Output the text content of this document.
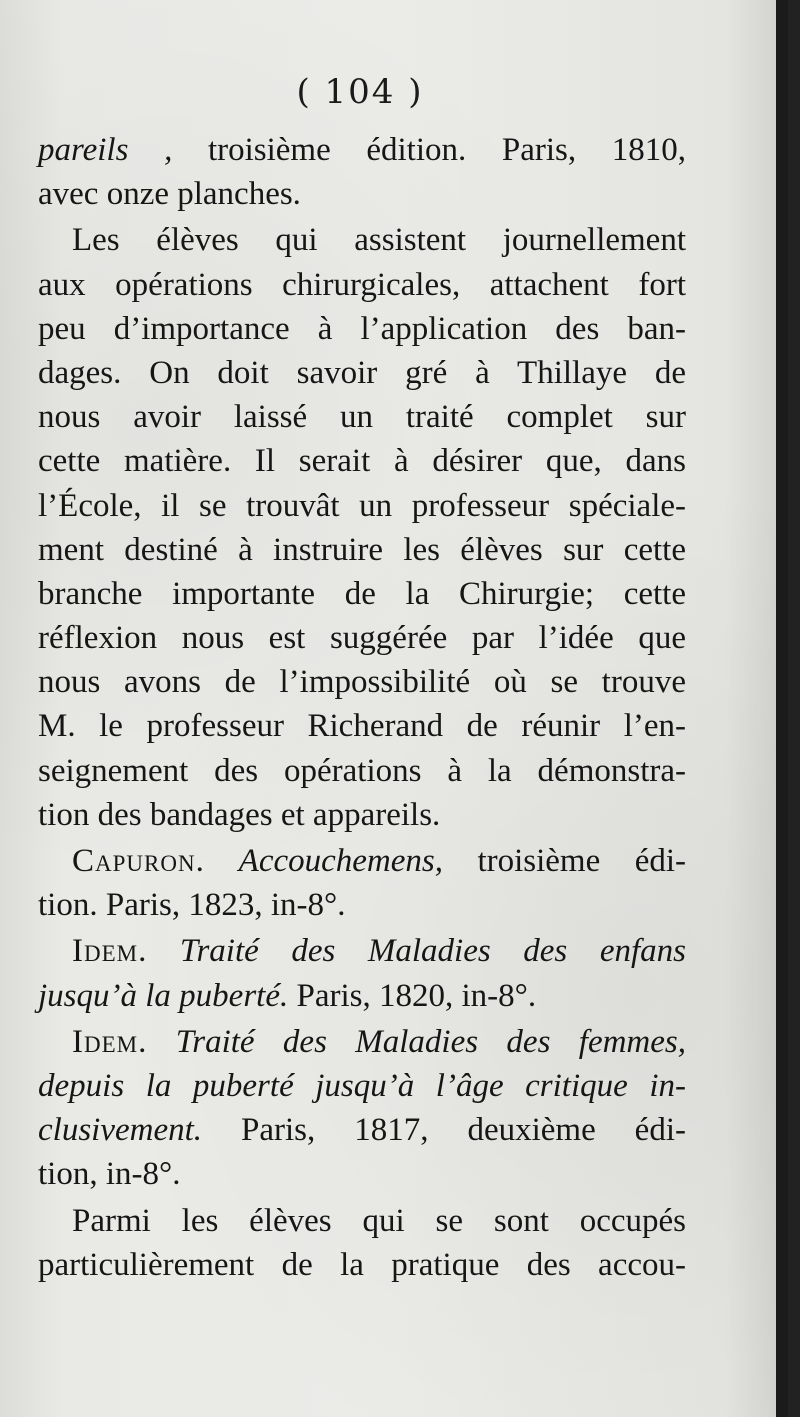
( 104 )
pareils , troisième édition. Paris, 1810,
avec onze planches.
Les élèves qui assistent journellement
aux opérations chirurgicales, attachent fort
peu d’importance à l’application des ban-
dages. On doit savoir gré à Thillaye de
nous avoir laissé un traité complet sur
cette matière. Il serait à désirer que, dans
l’École, il se trouvât un professeur spéciale-
ment destiné à instruire les élèves sur cette
branche importante de la Chirurgie; cette
réflexion nous est suggérée par l’idée que
nous avons de l’impossibilité où se trouve
M. le professeur Richerand de réunir l’en-
seignement des opérations à la démonstra-
tion des bandages et appareils.
Capuron. Accouchemens, troisième édi-
tion. Paris, 1823, in-8°.
Idem. Traité des Maladies des enfans
jusqu’à la puberté. Paris, 1820, in-8°.
Idem. Traité des Maladies des femmes,
depuis la puberté jusqu’à l’âge critique in-
clusivement. Paris, 1817, deuxième édi-
tion, in-8°.
Parmi les élèves qui se sont occupés
particulièrement de la pratique des accou-
